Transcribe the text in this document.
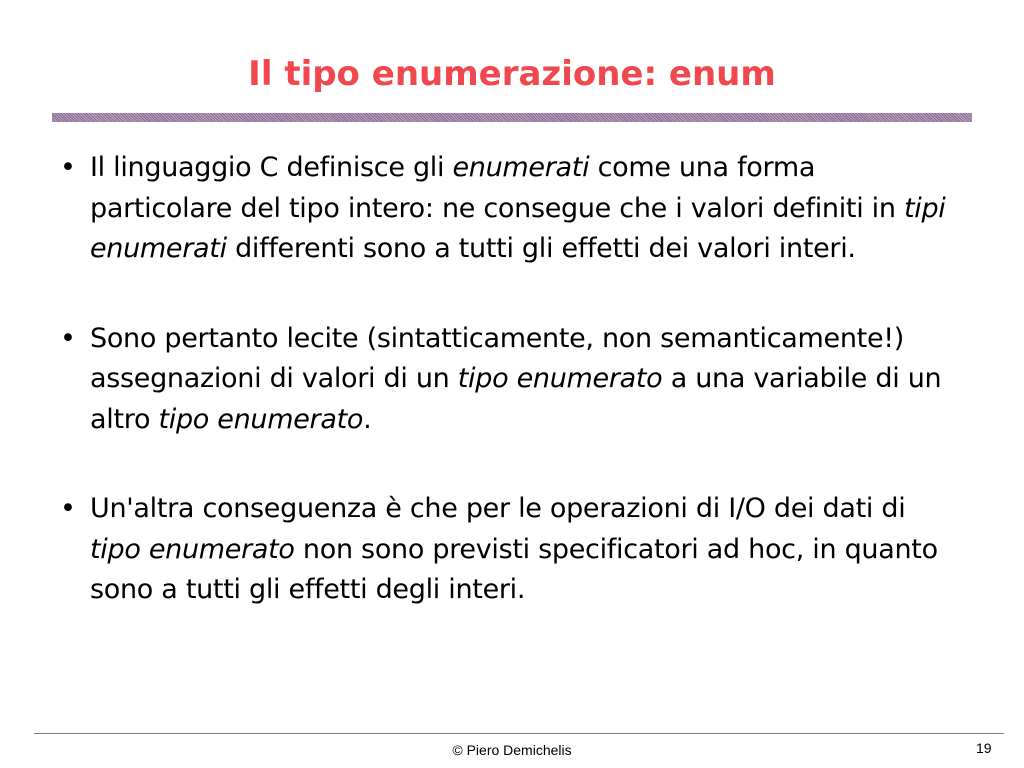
Il tipo enumerazione: enum
• Il linguaggio C definisce gli enumerati come una forma particolare del tipo intero: ne consegue che i valori definiti in tipi enumerati differenti sono a tutti gli effetti dei valori interi.
• Sono pertanto lecite (sintatticamente, non semanticamente!) assegnazioni di valori di un tipo enumerato a una variabile di un altro tipo enumerato.
• Un'altra conseguenza è che per le operazioni di I/O dei dati di tipo enumerato non sono previsti specificatori ad hoc, in quanto sono a tutti gli effetti degli interi.
© Piero Demichelis	19
